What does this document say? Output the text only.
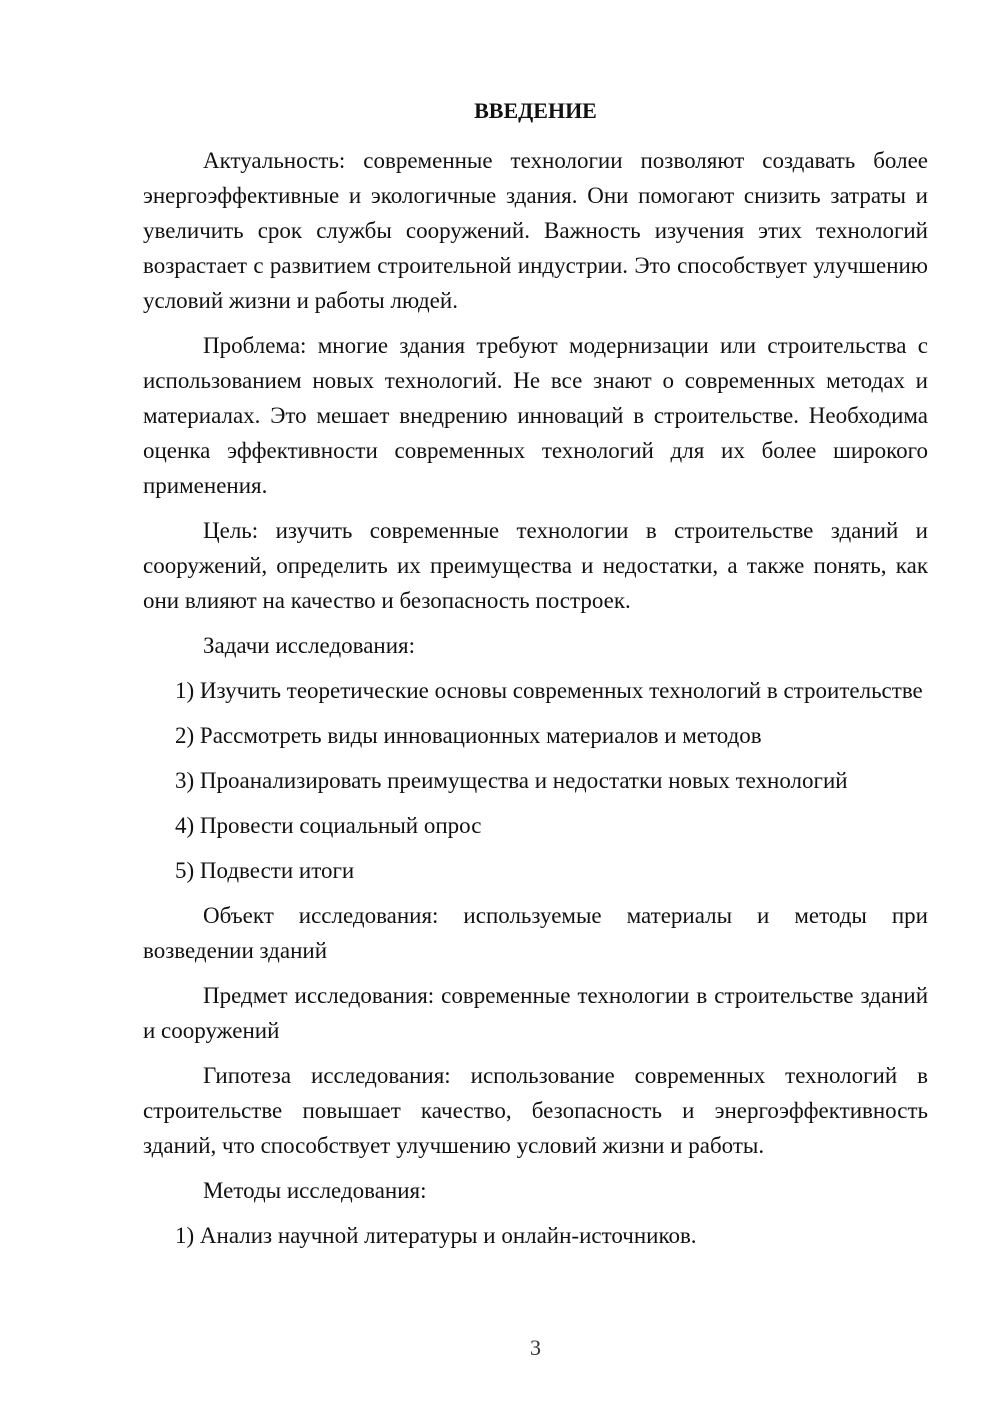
ВВЕДЕНИЕ

Актуальность: современные технологии позволяют создавать более энергоэффективные и экологичные здания. Они помогают снизить затраты и увеличить срок службы сооружений. Важность изучения этих технологий возрастает с развитием строительной индустрии. Это способствует улучшению условий жизни и работы людей.

Проблема: многие здания требуют модернизации или строительства с использованием новых технологий. Не все знают о современных методах и материалах. Это мешает внедрению инноваций в строительстве. Необходима оценка эффективности современных технологий для их более широкого применения.

Цель: изучить современные технологии в строительстве зданий и сооружений, определить их преимущества и недостатки, а также понять, как они влияют на качество и безопасность построек.

Задачи исследования:

1) Изучить теоретические основы современных технологий в строительстве

2) Рассмотреть виды инновационных материалов и методов

3) Проанализировать преимущества и недостатки новых технологий

4) Провести социальный опрос

5) Подвести итоги

Объект исследования: используемые материалы и методы при возведении зданий

Предмет исследования: современные технологии в строительстве зданий и сооружений

Гипотеза исследования: использование современных технологий в строительстве повышает качество, безопасность и энергоэффективность зданий, что способствует улучшению условий жизни и работы.

Методы исследования:

1) Анализ научной литературы и онлайн-источников.

3
